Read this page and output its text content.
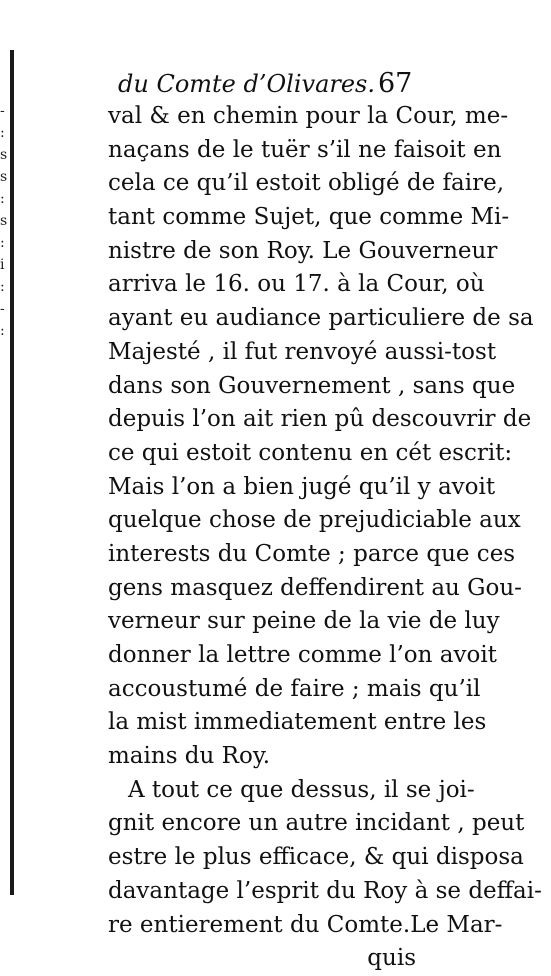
-
:
s
s
:
s
:
i
:
-
:
du Comte d’Olivares. 67
val & en chemin pour la Cour, me-
naçans de le tuër s’il ne faisoit en
cela ce qu’il estoit obligé de faire,
tant comme Sujet, que comme Mi-
nistre de son Roy. Le Gouverneur
arriva le 16. ou 17. à la Cour, où
ayant eu audiance particuliere de sa
Majesté , il fut renvoyé aussi-tost
dans son Gouvernement , sans que
depuis l’on ait rien pû descouvrir de
ce qui estoit contenu en cét escrit:
Mais l’on a bien jugé qu’il y avoit
quelque chose de prejudiciable aux
interests du Comte ; parce que ces
gens masquez deffendirent au Gou-
verneur sur peine de la vie de luy
donner la lettre comme l’on avoit
accoustumé de faire ; mais qu’il
la mist immediatement entre les
mains du Roy.
A tout ce que dessus, il se joi-
gnit encore un autre incidant , peut
estre le plus efficace, & qui disposa
davantage l’esprit du Roy à se deffai-
re entierement du Comte.Le Mar-
quis
